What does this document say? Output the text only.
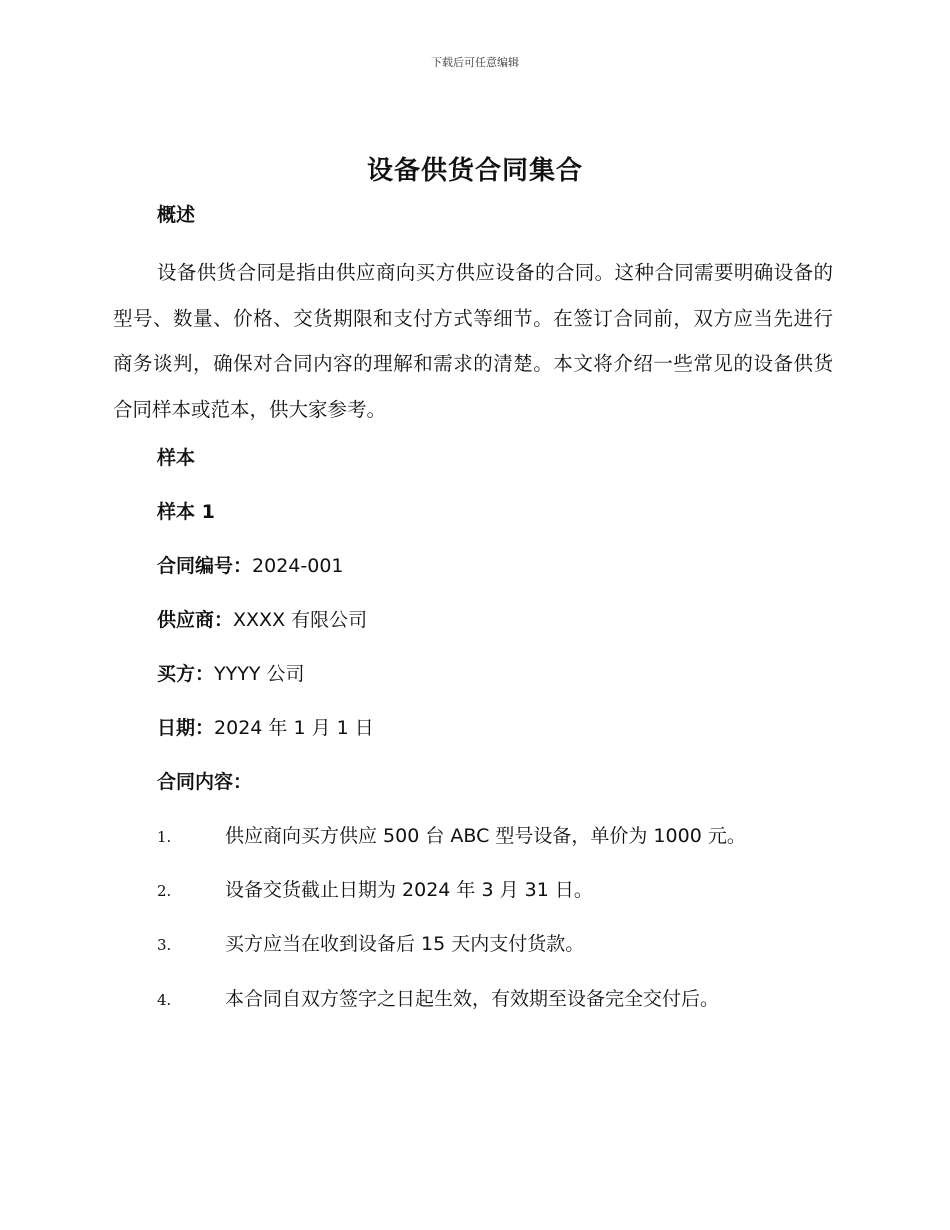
下载后可任意编辑
设备供货合同集合
概述

设备供货合同是指由供应商向买方供应设备的合同。这种合同需要明确设备的型号、数量、价格、交货期限和支付方式等细节。在签订合同前，双方应当先进行商务谈判，确保对合同内容的理解和需求的清楚。本文将介绍一些常见的设备供货合同样本或范本，供大家参考。

样本
样本 1
合同编号：2024-001
供应商：XXXX 有限公司
买方：YYYY 公司
日期：2024 年 1 月 1 日
合同内容：
1.	供应商向买方供应 500 台 ABC 型号设备，单价为 1000 元。
2.	设备交货截止日期为 2024 年 3 月 31 日。
3.	买方应当在收到设备后 15 天内支付货款。
4.	本合同自双方签字之日起生效，有效期至设备完全交付后。
